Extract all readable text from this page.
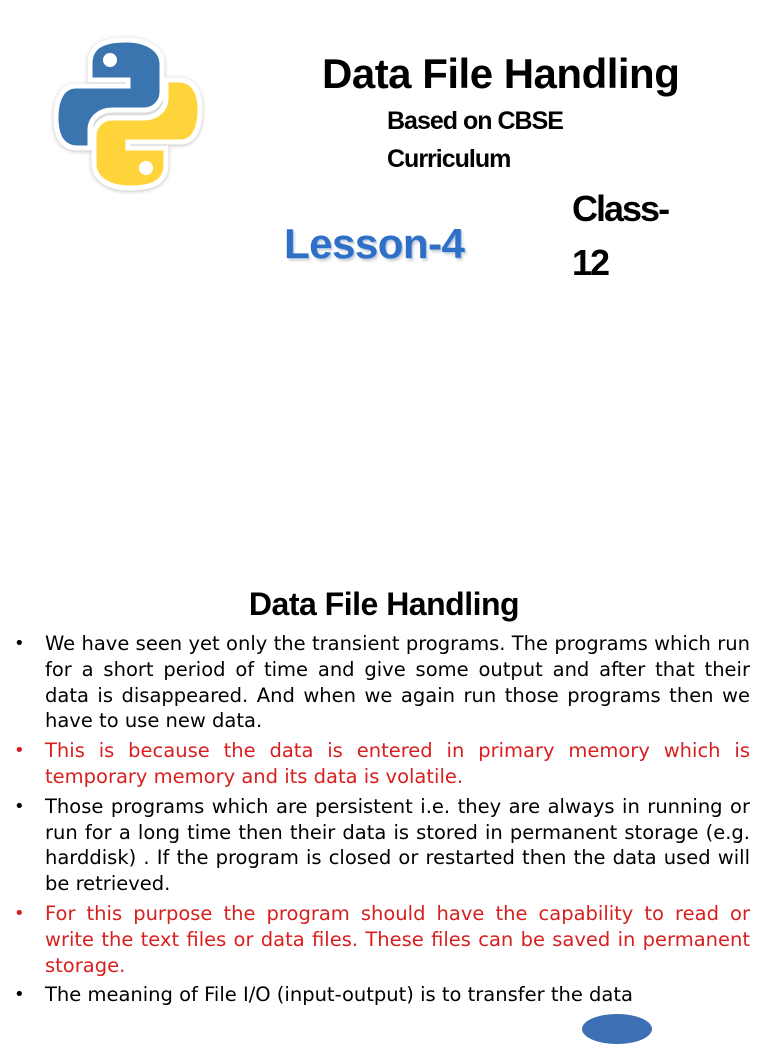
Data File Handling
Based on CBSE Curriculum
Lesson-4
Class-12
Data File Handling
• We have seen yet only the transient programs. The programs which run for a short period of time and give some output and after that their data is disappeared. And when we again run those programs then we have to use new data.
• This is because the data is entered in primary memory which is temporary memory and its data is volatile.
• Those programs which are persistent i.e. they are always in running or run for a long time then their data is stored in permanent storage (e.g. harddisk) . If the program is closed or restarted then the data used will be retrieved.
• For this purpose the program should have the capability to read or write the text files or data files. These files can be saved in permanent storage.
• The meaning of File I/O (input-output) is to transfer the data
